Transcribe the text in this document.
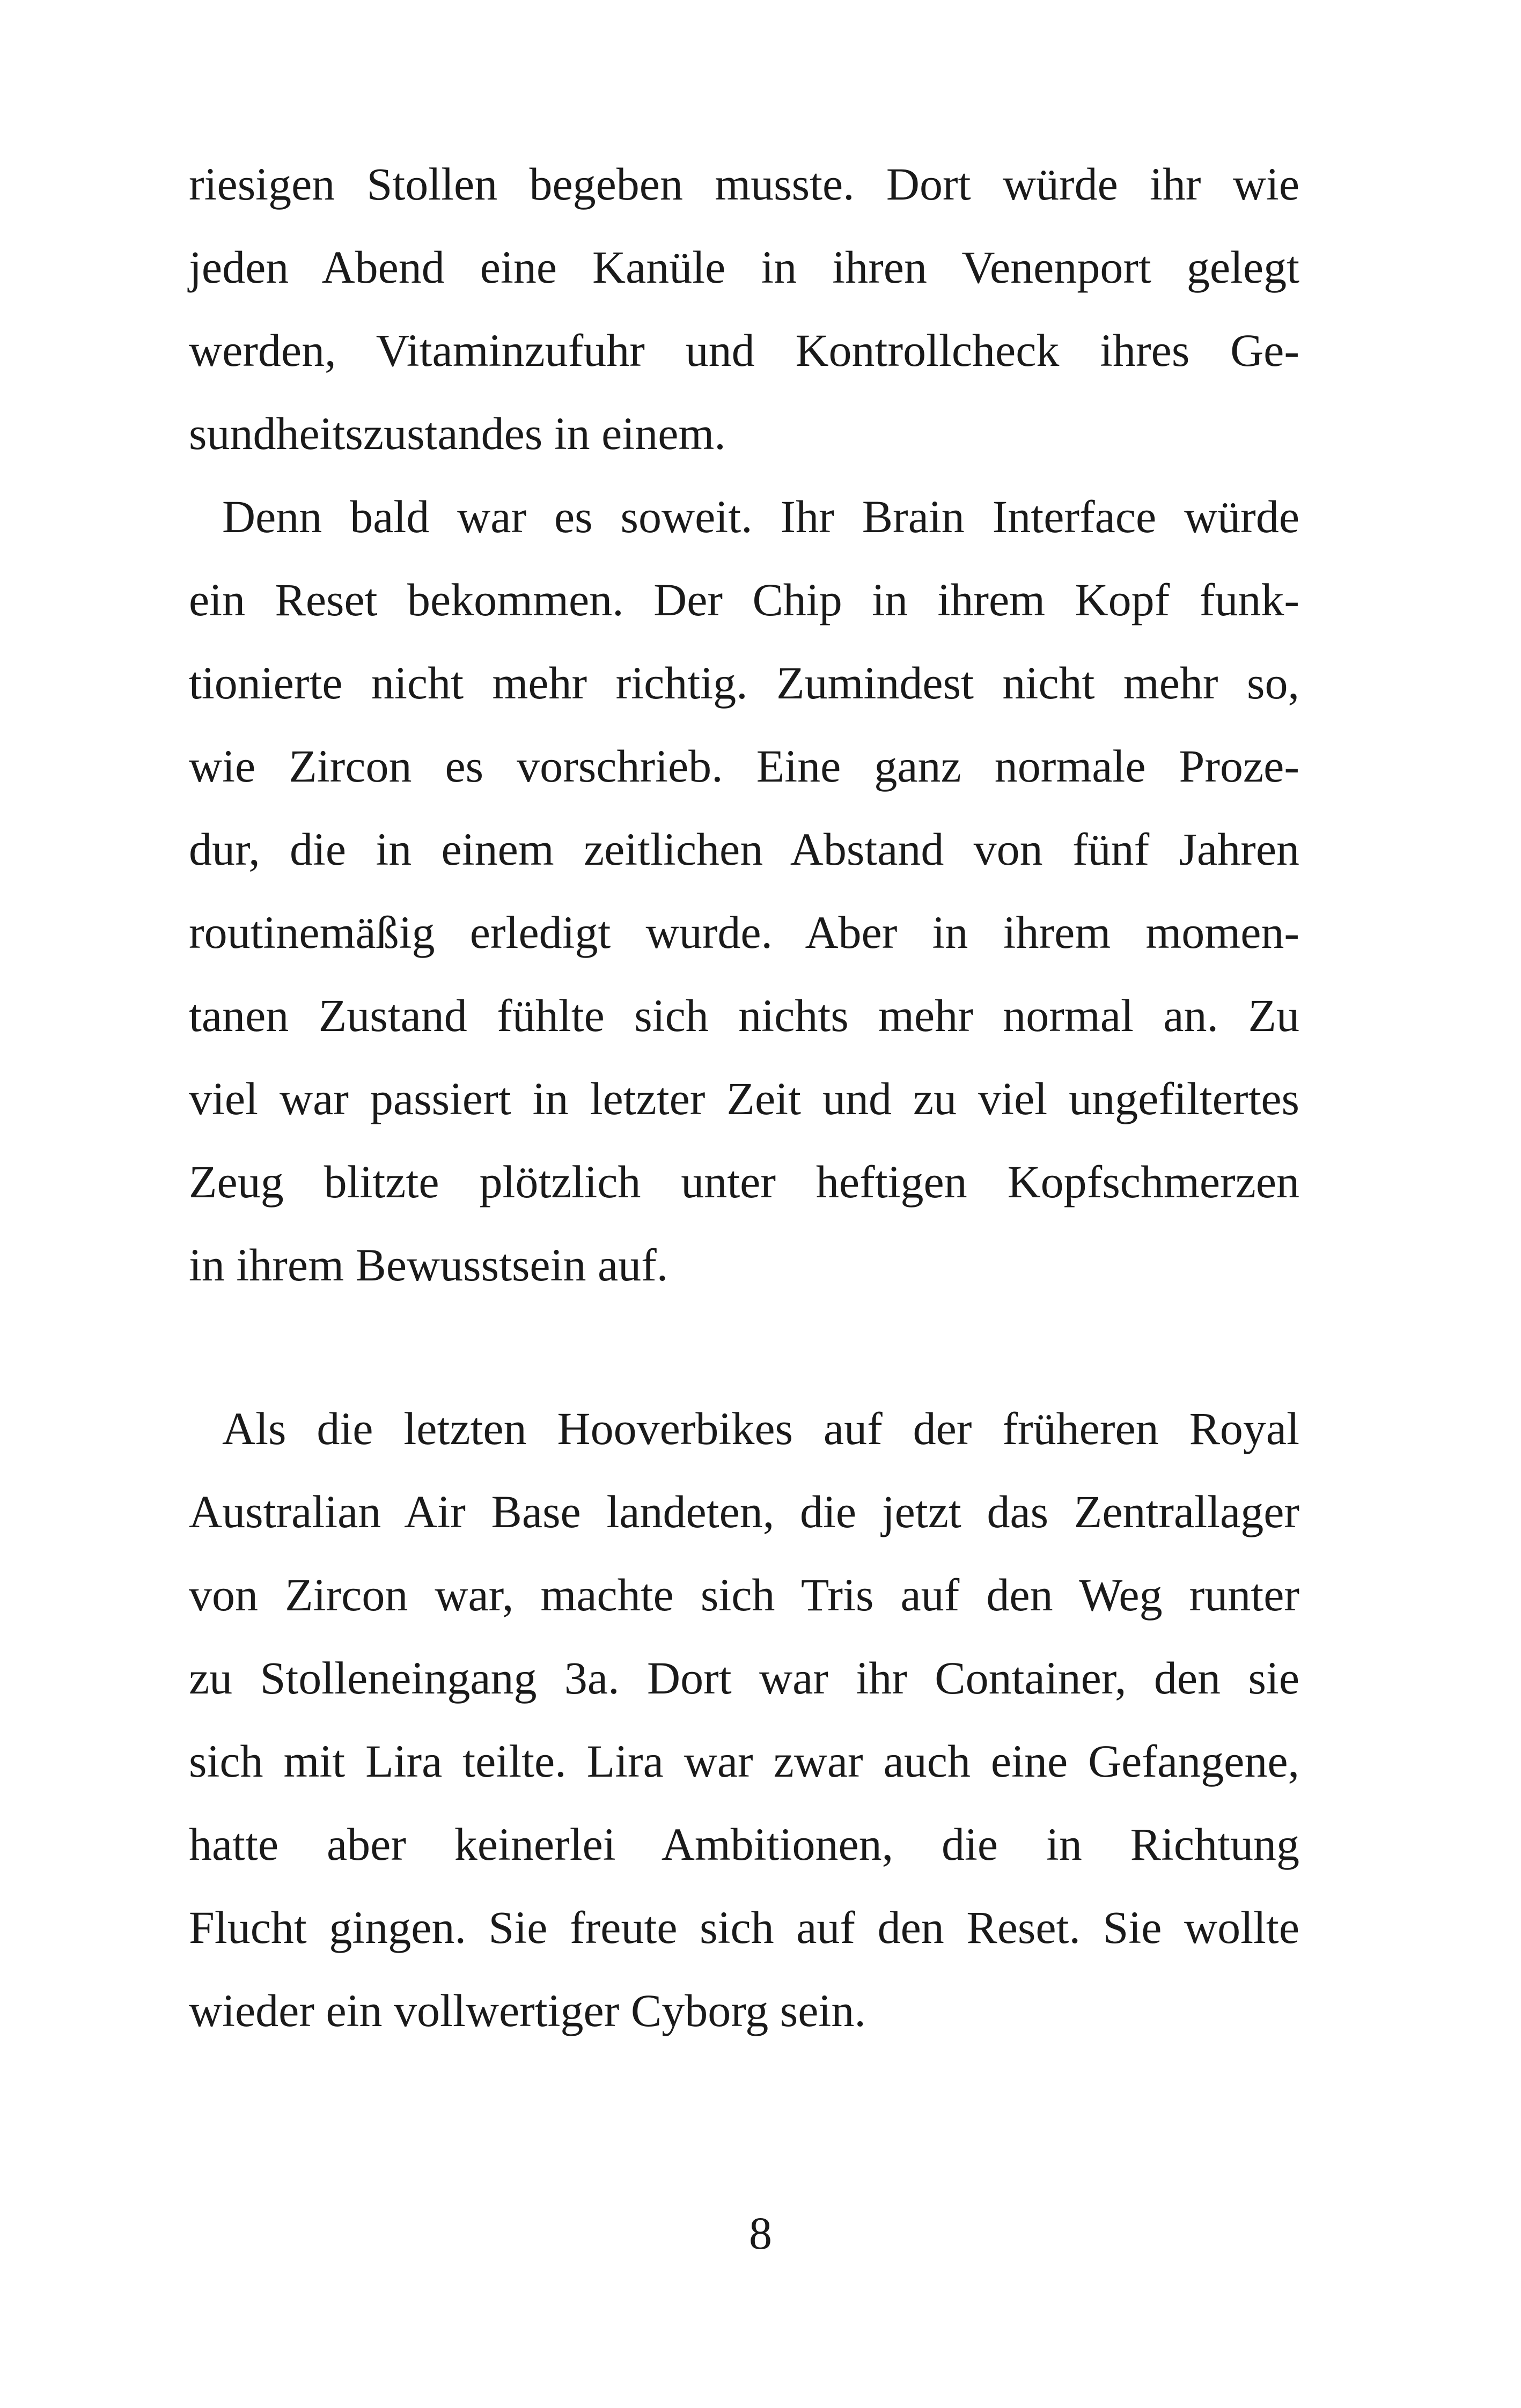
riesigen Stollen begeben musste. Dort würde ihr wie
jeden Abend eine Kanüle in ihren Venenport gelegt
werden, Vitaminzufuhr und Kontrollcheck ihres Ge-
sundheitszustandes in einem.
Denn bald war es soweit. Ihr Brain Interface würde
ein Reset bekommen. Der Chip in ihrem Kopf funk-
tionierte nicht mehr richtig. Zumindest nicht mehr so,
wie Zircon es vorschrieb. Eine ganz normale Proze-
dur, die in einem zeitlichen Abstand von fünf Jahren
routinemäßig erledigt wurde. Aber in ihrem momen-
tanen Zustand fühlte sich nichts mehr normal an. Zu
viel war passiert in letzter Zeit und zu viel ungefiltertes
Zeug blitzte plötzlich unter heftigen Kopfschmerzen
in ihrem Bewusstsein auf.
Als die letzten Hooverbikes auf der früheren Royal
Australian Air Base landeten, die jetzt das Zentrallager
von Zircon war, machte sich Tris auf den Weg runter
zu Stolleneingang 3a. Dort war ihr Container, den sie
sich mit Lira teilte. Lira war zwar auch eine Gefangene,
hatte aber keinerlei Ambitionen, die in Richtung
Flucht gingen. Sie freute sich auf den Reset. Sie wollte
wieder ein vollwertiger Cyborg sein.
8
